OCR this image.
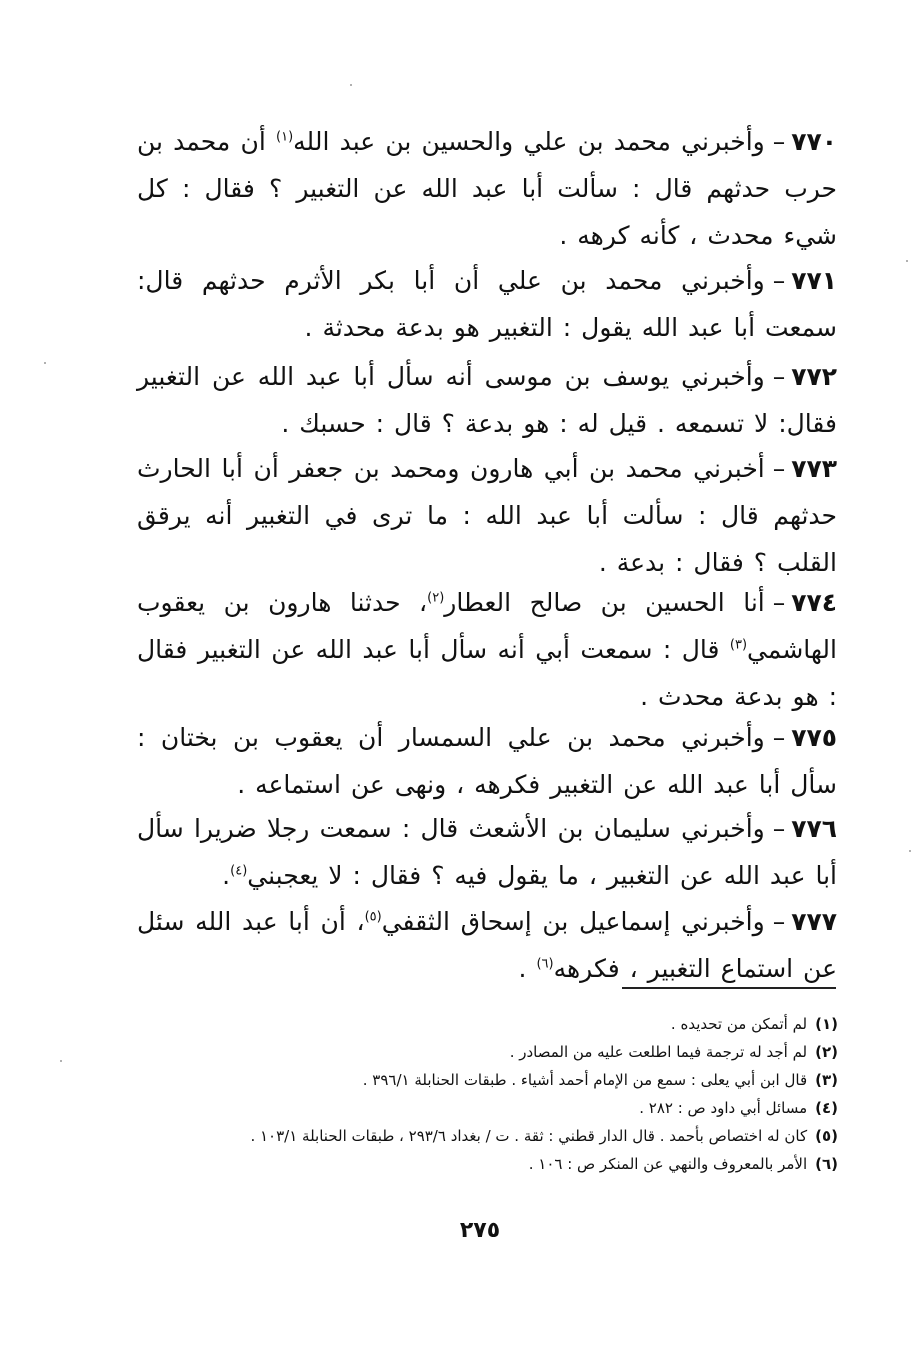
٧٧٠–وأخبرني محمد بن علي والحسين بن عبد الله$^{(١)}$ أن محمد بن حرب حدثهم قال : سألت أبا عبد الله عن التغبير ؟ فقال : كل شيء محدث ، كأنه كرهه .

٧٧١–وأخبرني محمد بن علي أن أبا بكر الأثرم حدثهم قال: سمعت أبا عبد الله يقول : التغبير هو بدعة محدثة .

٧٧٢–وأخبرني يوسف بن موسى أنه سأل أبا عبد الله عن التغبير فقال: لا تسمعه . قيل له : هو بدعة ؟ قال : حسبك .

٧٧٣–أخبرني محمد بن أبي هارون ومحمد بن جعفر أن أبا الحارث حدثهم قال : سألت أبا عبد الله : ما ترى في التغبير أنه يرقق القلب ؟ فقال : بدعة .

٧٧٤–أنا الحسين بن صالح العطار$^{(٢)}$، حدثنا هارون بن يعقوب الهاشمي$^{(٣)}$ قال : سمعت أبي أنه سأل أبا عبد الله عن التغبير فقال : هو بدعة محدث .

٧٧٥–وأخبرني محمد بن علي السمسار أن يعقوب بن بختان : سأل أبا عبد الله عن التغبير فكرهه ، ونهى عن استماعه .

٧٧٦–وأخبرني سليمان بن الأشعث قال : سمعت رجلا ضريرا سأل أبا عبد الله عن التغبير ، ما يقول فيه ؟ فقال : لا يعجبني$^{(٤)}$.

٧٧٧–وأخبرني إسماعيل بن إسحاق الثقفي$^{(٥)}$، أن أبا عبد الله سئل عن استماع التغبير ، فكرهه$^{(٦)}$ .

(١)لم أتمكن من تحديده .
(٢)لم أجد له ترجمة فيما اطلعت عليه من المصادر .
(٣)قال ابن أبي يعلى : سمع من الإمام أحمد أشياء . طبقات الحنابلة ٣٩٦/١ .
(٤)مسائل أبي داود ص : ٢٨٢ .
(٥)كان له اختصاص بأحمد . قال الدار قطني : ثقة . ت / بغداد ٢٩٣/٦ ، طبقات الحنابلة ١٠٣/١ .
(٦)الأمر بالمعروف والنهي عن المنكر ص : ١٠٦ .
٢٧٥
